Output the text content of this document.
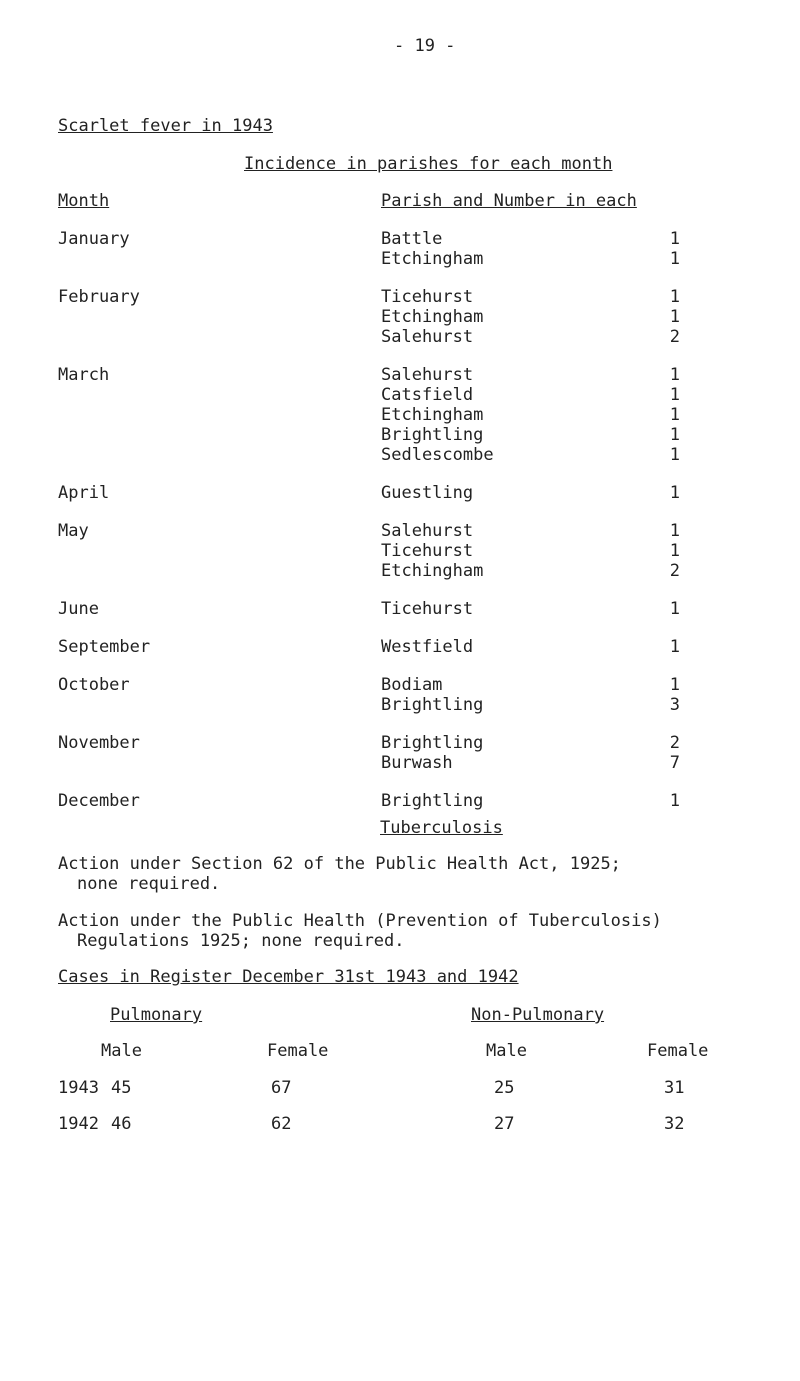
- 19 -
Scarlet fever in 1943
Incidence in parishes for each month
Month	Parish and Number in each
January	Battle	1
Etchingham	1
February	Ticehurst	1
Etchingham	1
Salehurst	2
March	Salehurst	1
Catsfield	1
Etchingham	1
Brightling	1
Sedlescombe	1
April	Guestling	1
May	Salehurst	1
Ticehurst	1
Etchingham	2
June	Ticehurst	1
September	Westfield	1
October	Bodiam	1
Brightling	3
November	Brightling	2
Burwash	7
December	Brightling	1
Tuberculosis
Action under Section 62 of the Public Health Act, 1925;
none required.
Action under the Public Health (Prevention of Tuberculosis)
Regulations 1925; none required.
Cases in Register December 31st 1943 and 1942
Pulmonary	Non-Pulmonary
Male	Female	Male	Female
1943 45	67	25	31
1942 46	62	27	32
